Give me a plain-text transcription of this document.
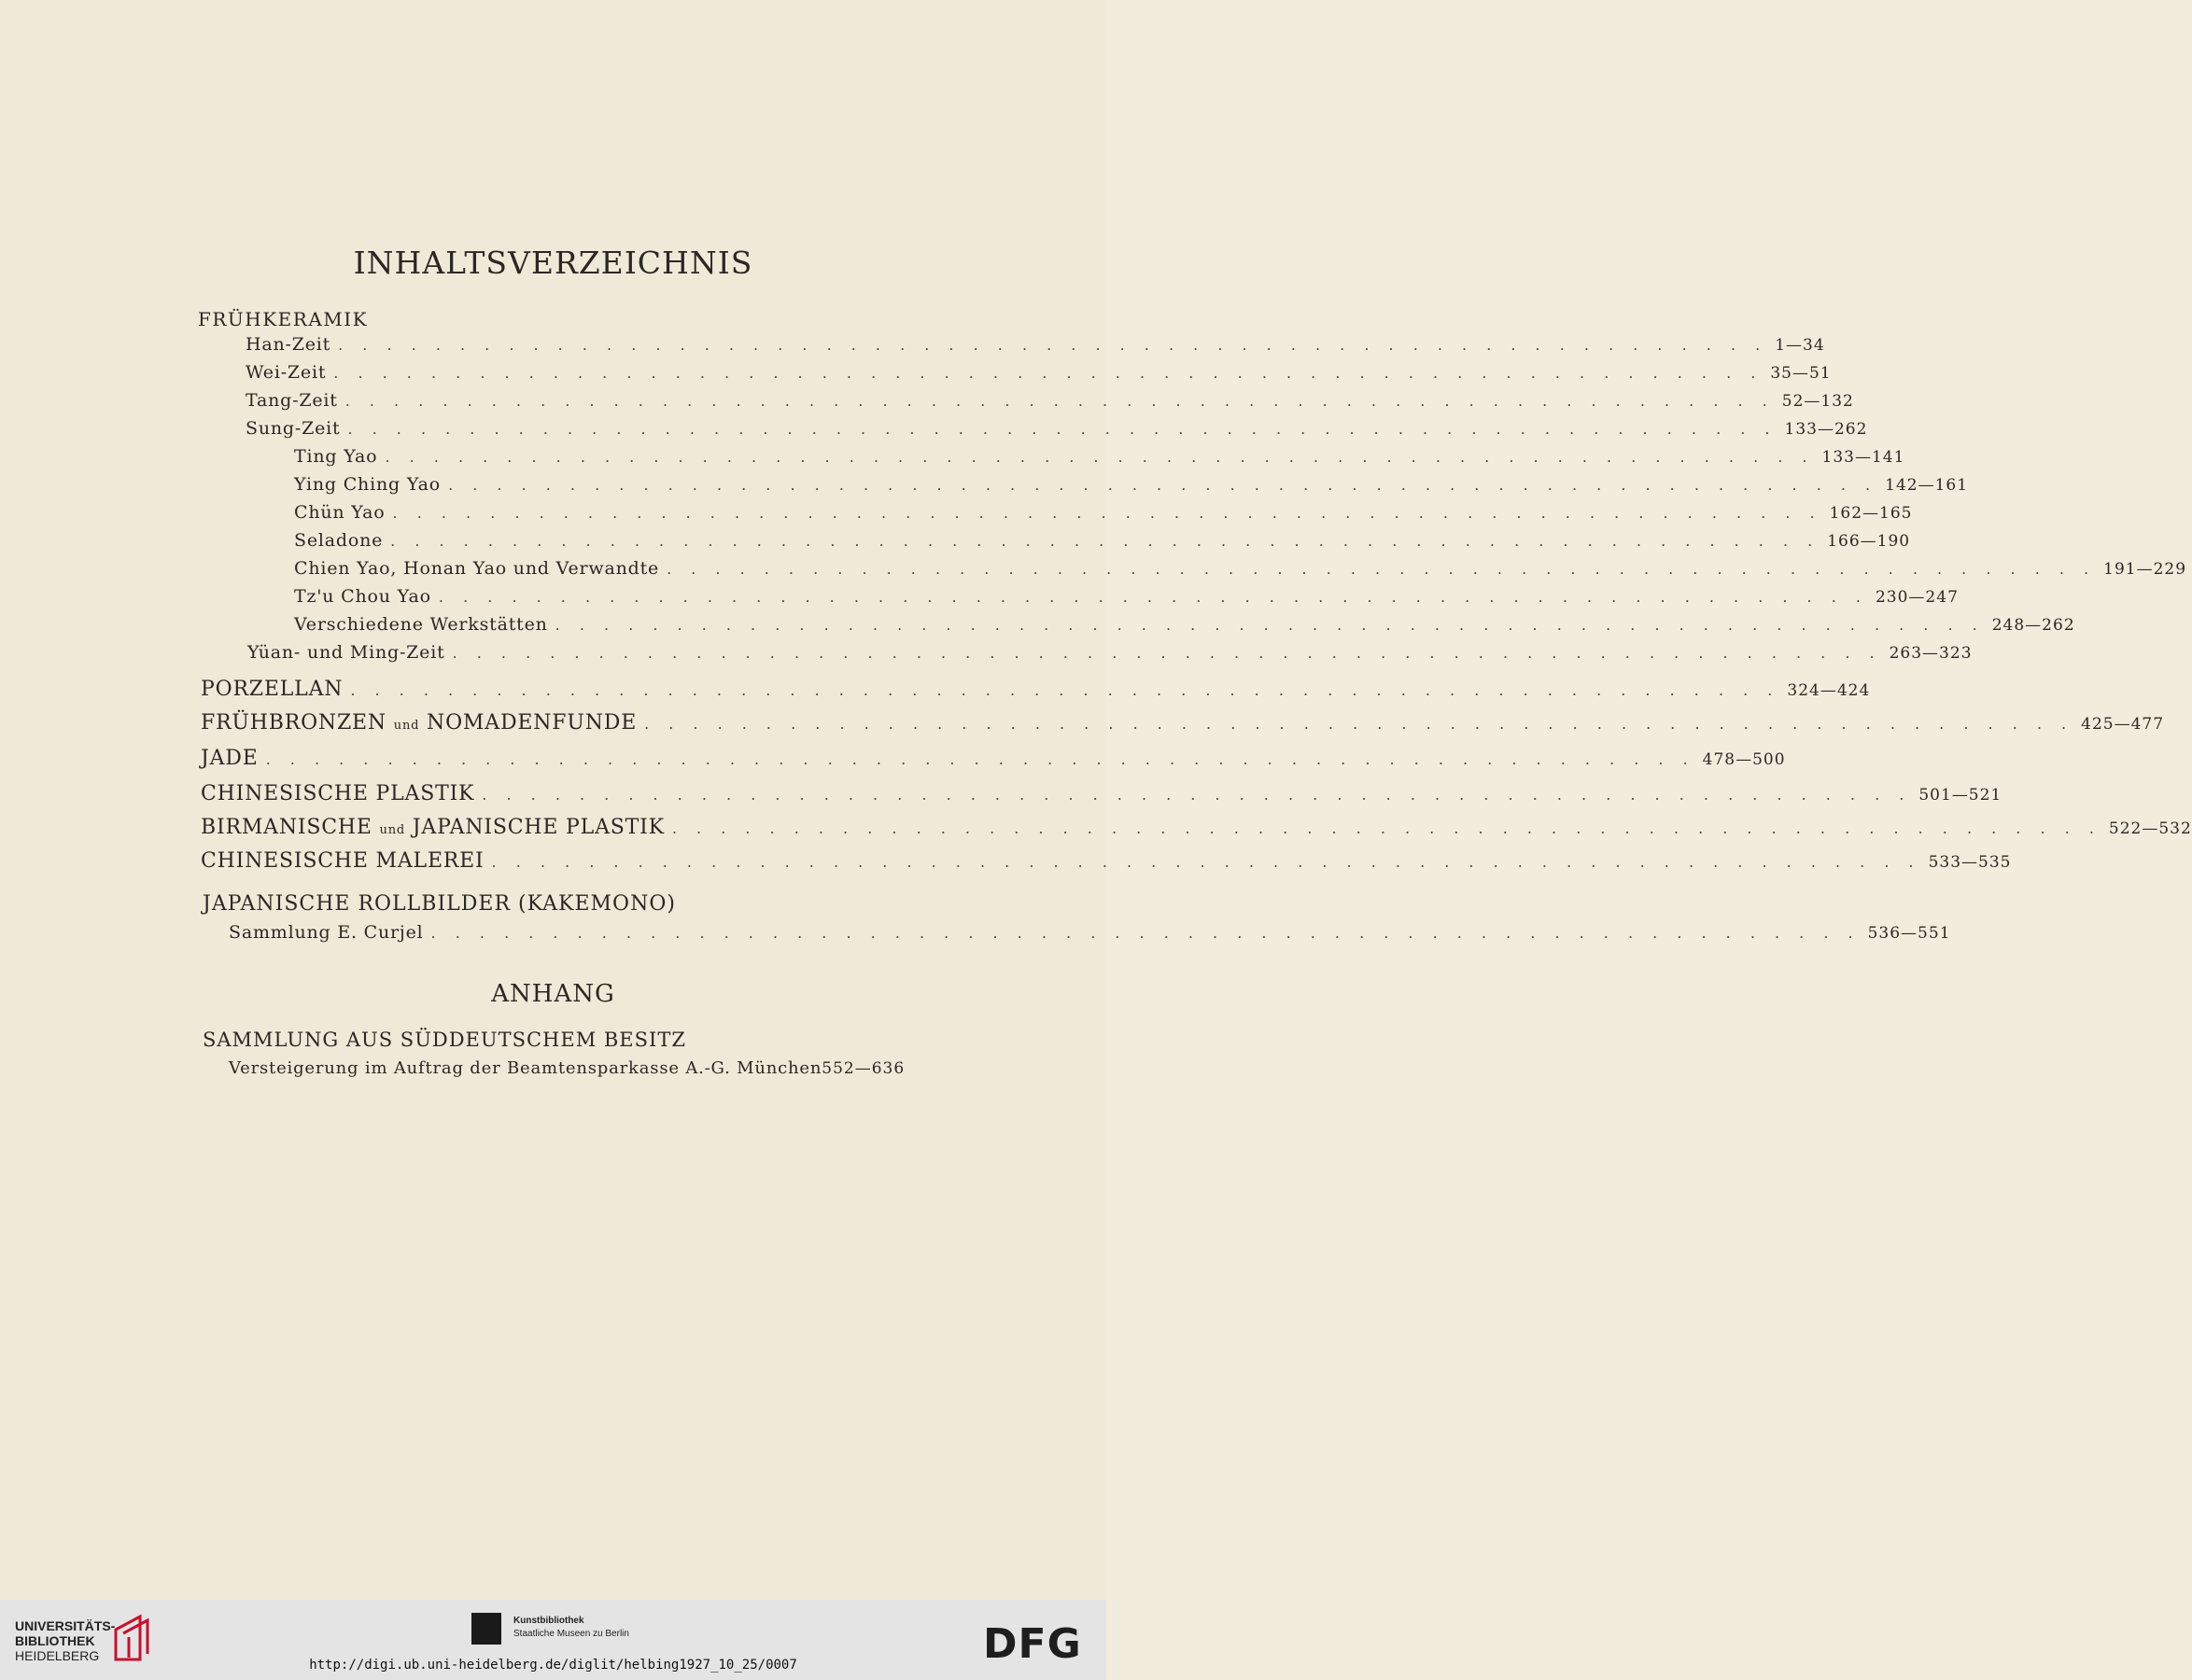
INHALTSVERZEICHNIS
FRÜHKERAMIK
Han-Zeit . . . . . . . . . . . . . . . . . . . . . . . . . . . . . . . . . . . . . . . . . . . . . . . . . . . . . . . . . . . 1—34
Wei-Zeit . . . . . . . . . . . . . . . . . . . . . . . . . . . . . . . . . . . . . . . . . . . . . . . . . . . . . . . . . . . 35—51
Tang-Zeit . . . . . . . . . . . . . . . . . . . . . . . . . . . . . . . . . . . . . . . . . . . . . . . . . . . . . . . . . . . 52—132
Sung-Zeit . . . . . . . . . . . . . . . . . . . . . . . . . . . . . . . . . . . . . . . . . . . . . . . . . . . . . . . . . . . 133—262
Ting Yao . . . . . . . . . . . . . . . . . . . . . . . . . . . . . . . . . . . . . . . . . . . . . . . . . . . . . . . . . . . 133—141
Ying Ching Yao . . . . . . . . . . . . . . . . . . . . . . . . . . . . . . . . . . . . . . . . . . . . . . . . . . . . . . . . . . . 142—161
Chün Yao . . . . . . . . . . . . . . . . . . . . . . . . . . . . . . . . . . . . . . . . . . . . . . . . . . . . . . . . . . . 162—165
Seladone . . . . . . . . . . . . . . . . . . . . . . . . . . . . . . . . . . . . . . . . . . . . . . . . . . . . . . . . . . . 166—190
Chien Yao, Honan Yao und Verwandte . . . . . . . . . . . . . . . . . . . . . . . . . . . . . . . . . . . . . . . . . . . . . . . . . . . . . . . . . . . 191—229
Tz'u Chou Yao . . . . . . . . . . . . . . . . . . . . . . . . . . . . . . . . . . . . . . . . . . . . . . . . . . . . . . . . . . . 230—247
Verschiedene Werkstätten . . . . . . . . . . . . . . . . . . . . . . . . . . . . . . . . . . . . . . . . . . . . . . . . . . . . . . . . . . . 248—262
Yüan- und Ming-Zeit . . . . . . . . . . . . . . . . . . . . . . . . . . . . . . . . . . . . . . . . . . . . . . . . . . . . . . . . . . . 263—323
PORZELLAN . . . . . . . . . . . . . . . . . . . . . . . . . . . . . . . . . . . . . . . . . . . . . . . . . . . . . . . . . . . 324—424
FRÜHBRONZEN und NOMADENFUNDE . . . . . . . . . . . . . . . . . . . . . . . . . . . . . . . . . . . . . . . . . . . . . . . . . . . . . . . . . . . 425—477
JADE . . . . . . . . . . . . . . . . . . . . . . . . . . . . . . . . . . . . . . . . . . . . . . . . . . . . . . . . . . . 478—500
CHINESISCHE PLASTIK . . . . . . . . . . . . . . . . . . . . . . . . . . . . . . . . . . . . . . . . . . . . . . . . . . . . . . . . . . . 501—521
BIRMANISCHE und JAPANISCHE PLASTIK . . . . . . . . . . . . . . . . . . . . . . . . . . . . . . . . . . . . . . . . . . . . . . . . . . . . . . . . . . . 522—532
CHINESISCHE MALEREI . . . . . . . . . . . . . . . . . . . . . . . . . . . . . . . . . . . . . . . . . . . . . . . . . . . . . . . . . . . 533—535
JAPANISCHE ROLLBILDER (KAKEMONO)
Sammlung E. Curjel . . . . . . . . . . . . . . . . . . . . . . . . . . . . . . . . . . . . . . . . . . . . . . . . . . . . . . . . . . . 536—551
ANHANG
SAMMLUNG AUS SÜDDEUTSCHEM BESITZ
Versteigerung im Auftrag der Beamtensparkasse A.-G. München 552—636
UNIVERSITÄTS-
BIBLIOTHEK
HEIDELBERG
Kunstbibliothek
Staatliche Museen zu Berlin	DFG
http://digi.ub.uni-heidelberg.de/diglit/helbing1927_10_25/0007
